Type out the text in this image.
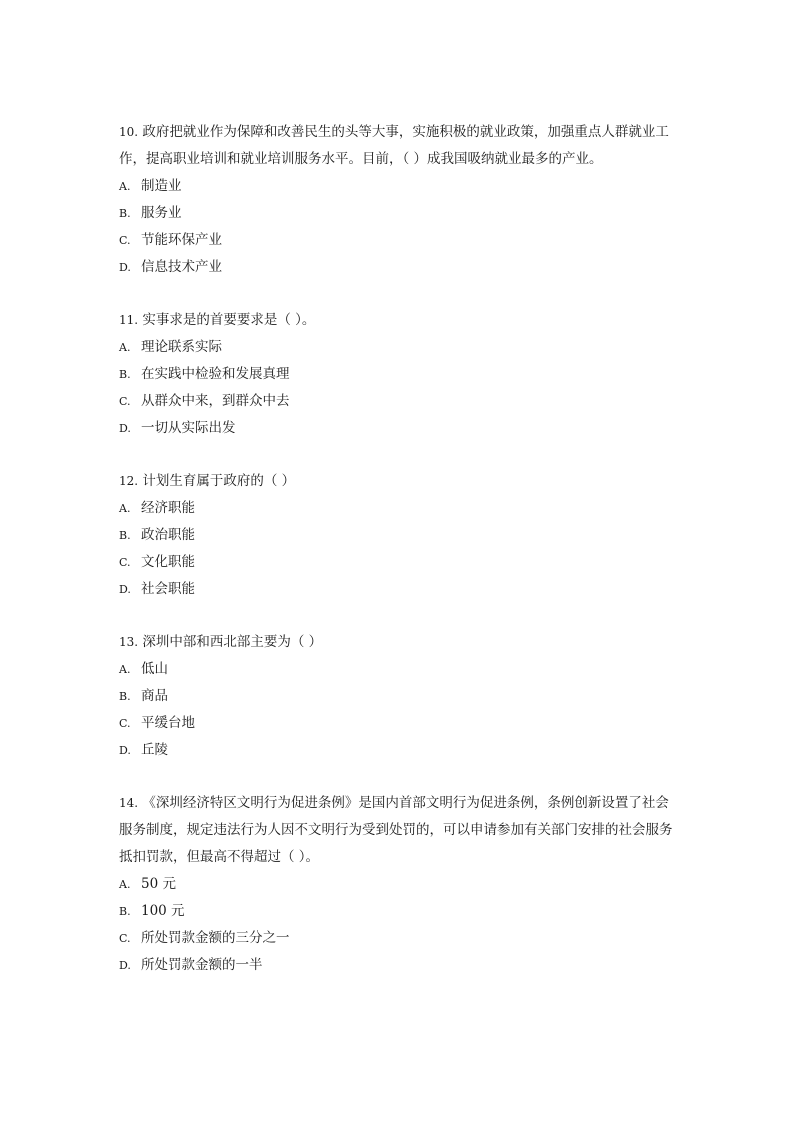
10. 政府把就业作为保障和改善民生的头等大事，实施积极的就业政策，加强重点人群就业工作，提高职业培训和就业培训服务水平。目前，（ ）成我国吸纳就业最多的产业。

A. 制造业
B. 服务业
C. 节能环保产业
D. 信息技术产业

11. 实事求是的首要要求是（ ）。

A. 理论联系实际
B. 在实践中检验和发展真理
C. 从群众中来，到群众中去
D. 一切从实际出发

12. 计划生育属于政府的（ ）

A. 经济职能
B. 政治职能
C. 文化职能
D. 社会职能

13. 深圳中部和西北部主要为（ ）

A. 低山
B. 商品
C. 平缓台地
D. 丘陵

14. 《深圳经济特区文明行为促进条例》是国内首部文明行为促进条例，条例创新设置了社会服务制度，规定违法行为人因不文明行为受到处罚的，可以申请参加有关部门安排的社会服务抵扣罚款，但最高不得超过（ ）。

A. 50 元
B. 100 元
C. 所处罚款金额的三分之一
D. 所处罚款金额的一半
